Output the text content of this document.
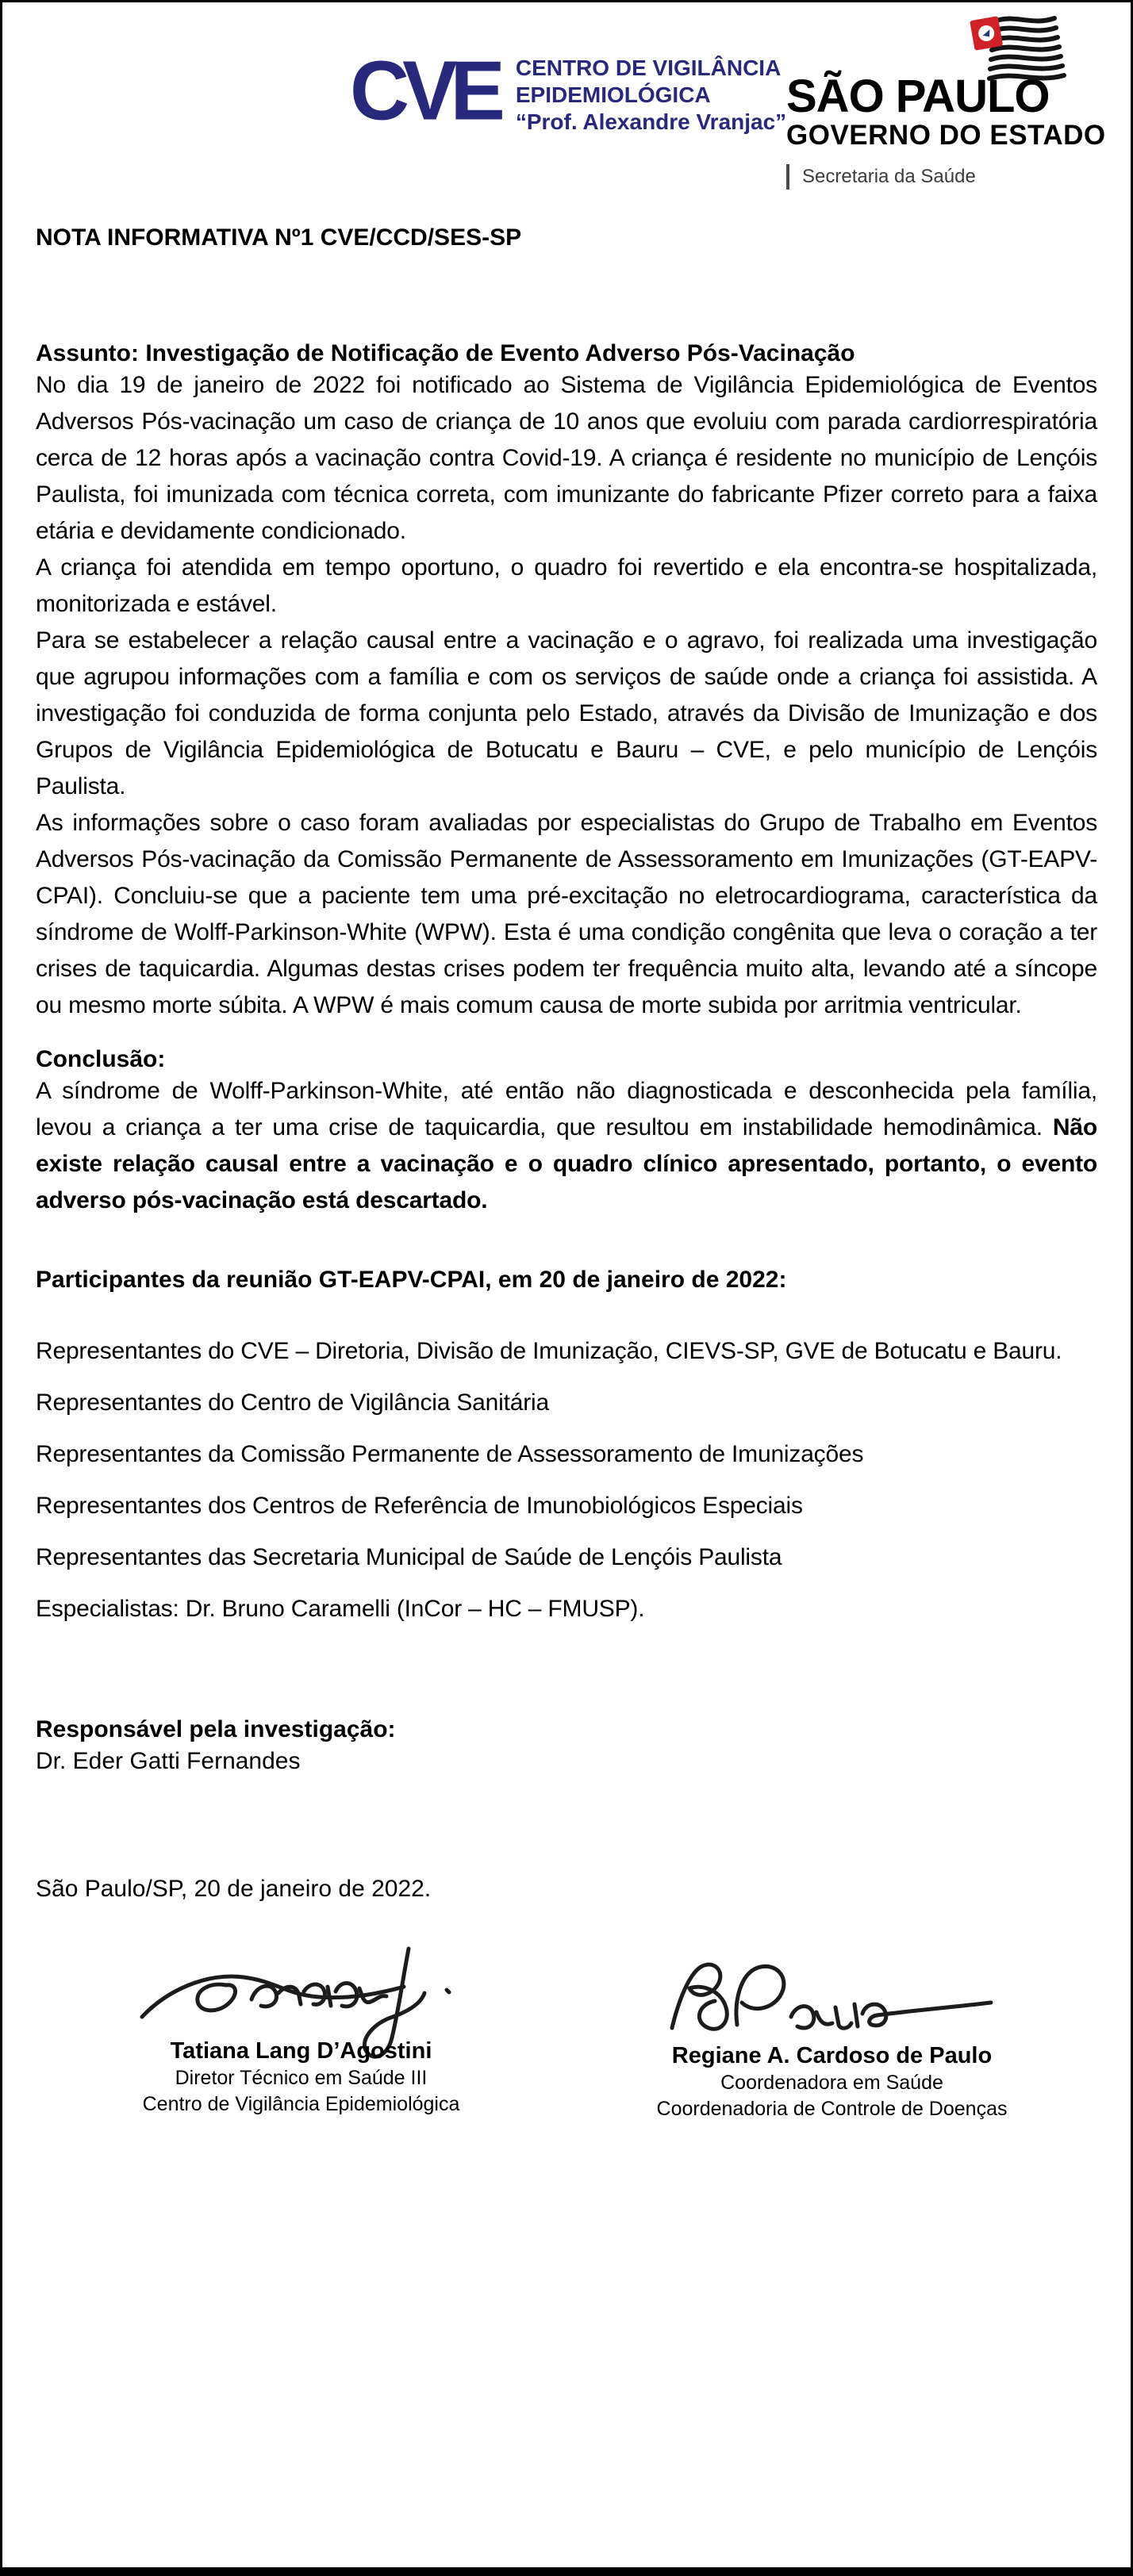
CVE CENTRO DE VIGILÂNCIA
EPIDEMIOLÓGICA
“Prof. Alexandre Vranjac” SÃO PAULO
GOVERNO DO ESTADO
Secretaria da Saúde

NOTA INFORMATIVA Nº1 CVE/CCD/SES-SP

Assunto: Investigação de Notificação de Evento Adverso Pós-Vacinação

No dia 19 de janeiro de 2022 foi notificado ao Sistema de Vigilância Epidemiológica de Eventos Adversos Pós-vacinação um caso de criança de 10 anos que evoluiu com parada cardiorrespiratória cerca de 12 horas após a vacinação contra Covid-19. A criança é residente no município de Lençóis Paulista, foi imunizada com técnica correta, com imunizante do fabricante Pfizer correto para a faixa etária e devidamente condicionado.

A criança foi atendida em tempo oportuno, o quadro foi revertido e ela encontra-se hospitalizada, monitorizada e estável.

Para se estabelecer a relação causal entre a vacinação e o agravo, foi realizada uma investigação que agrupou informações com a família e com os serviços de saúde onde a criança foi assistida. A investigação foi conduzida de forma conjunta pelo Estado, através da Divisão de Imunização e dos Grupos de Vigilância Epidemiológica de Botucatu e Bauru – CVE, e pelo município de Lençóis Paulista.

As informações sobre o caso foram avaliadas por especialistas do Grupo de Trabalho em Eventos Adversos Pós-vacinação da Comissão Permanente de Assessoramento em Imunizações (GT-EAPV-CPAI). Concluiu-se que a paciente tem uma pré-excitação no eletrocardiograma, característica da síndrome de Wolff-Parkinson-White (WPW). Esta é uma condição congênita que leva o coração a ter crises de taquicardia. Algumas destas crises podem ter frequência muito alta, levando até a síncope ou mesmo morte súbita. A WPW é mais comum causa de morte subida por arritmia ventricular.

Conclusão:

A síndrome de Wolff-Parkinson-White, até então não diagnosticada e desconhecida pela família, levou a criança a ter uma crise de taquicardia, que resultou em instabilidade hemodinâmica. Não existe relação causal entre a vacinação e o quadro clínico apresentado, portanto, o evento adverso pós-vacinação está descartado.

Participantes da reunião GT-EAPV-CPAI, em 20 de janeiro de 2022:

Representantes do CVE – Diretoria, Divisão de Imunização, CIEVS-SP, GVE de Botucatu e Bauru.

Representantes do Centro de Vigilância Sanitária

Representantes da Comissão Permanente de Assessoramento de Imunizações

Representantes dos Centros de Referência de Imunobiológicos Especiais

Representantes das Secretaria Municipal de Saúde de Lençóis Paulista

Especialistas: Dr. Bruno Caramelli (InCor – HC – FMUSP).

Responsável pela investigação:

Dr. Eder Gatti Fernandes

São Paulo/SP, 20 de janeiro de 2022.

Tatiana Lang D’Agostini
Diretor Técnico em Saúde III
Centro de Vigilância Epidemiológica
Regiane A. Cardoso de Paulo
Coordenadora em Saúde
Coordenadoria de Controle de Doenças
